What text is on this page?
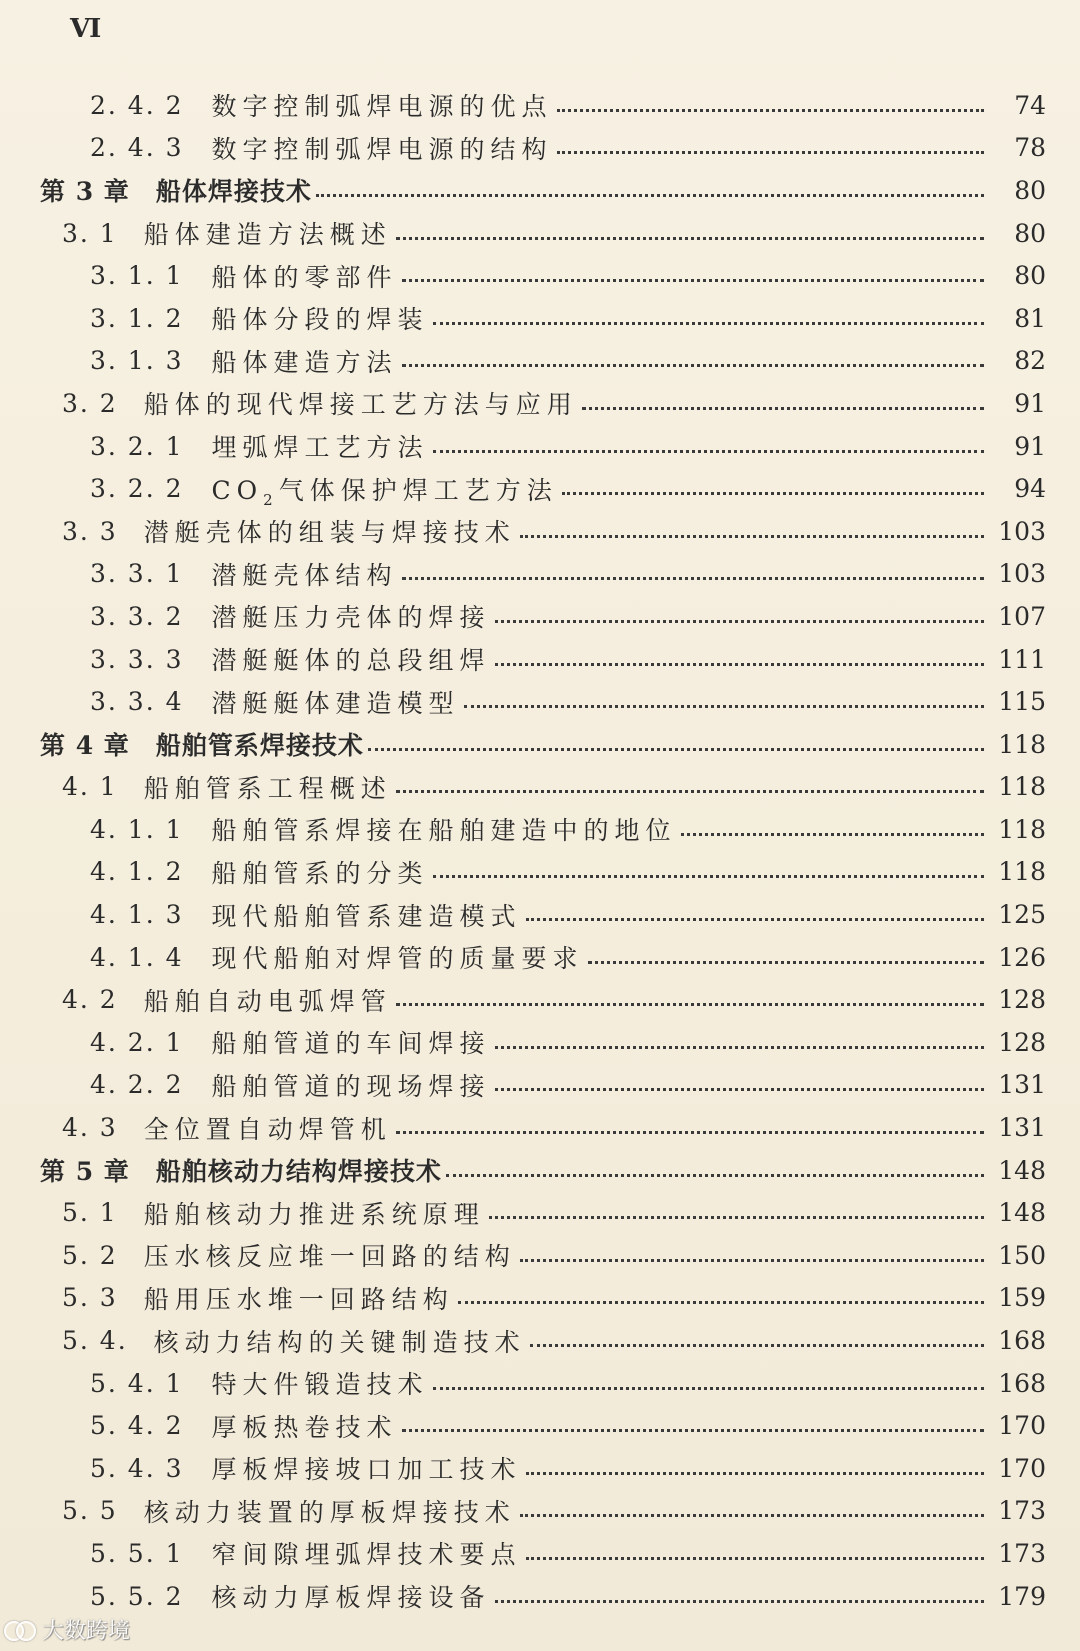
VI
2. 4. 2 数字控制弧焊电源的优点	74
2. 4. 3 数字控制弧焊电源的结构	78
第 3 章 船体焊接技术	80
3. 1 船体建造方法概述	80
3. 1. 1 船体的零部件	80
3. 1. 2 船体分段的焊装	81
3. 1. 3 船体建造方法	82
3. 2 船体的现代焊接工艺方法与应用	91
3. 2. 1 埋弧焊工艺方法	91
3. 2. 2 $CO_2$气体保护焊工艺方法	94
3. 3 潜艇壳体的组装与焊接技术	103
3. 3. 1 潜艇壳体结构	103
3. 3. 2 潜艇压力壳体的焊接	107
3. 3. 3 潜艇艇体的总段组焊	111
3. 3. 4 潜艇艇体建造模型	115
第 4 章 船舶管系焊接技术	118
4. 1 船舶管系工程概述	118
4. 1. 1 船舶管系焊接在船舶建造中的地位	118
4. 1. 2 船舶管系的分类	118
4. 1. 3 现代船舶管系建造模式	125
4. 1. 4 现代船舶对焊管的质量要求	126
4. 2 船舶自动电弧焊管	128
4. 2. 1 船舶管道的车间焊接	128
4. 2. 2 船舶管道的现场焊接	131
4. 3 全位置自动焊管机	131
第 5 章 船舶核动力结构焊接技术	148
5. 1 船舶核动力推进系统原理	148
5. 2 压水核反应堆一回路的结构	150
5. 3 船用压水堆一回路结构	159
5. 4. 核动力结构的关键制造技术	168
5. 4. 1 特大件锻造技术	168
5. 4. 2 厚板热卷技术	170
5. 4. 3 厚板焊接坡口加工技术	170
5. 5 核动力装置的厚板焊接技术	173
5. 5. 1 窄间隙埋弧焊技术要点	173
5. 5. 2 核动力厚板焊接设备	179
大数跨境
